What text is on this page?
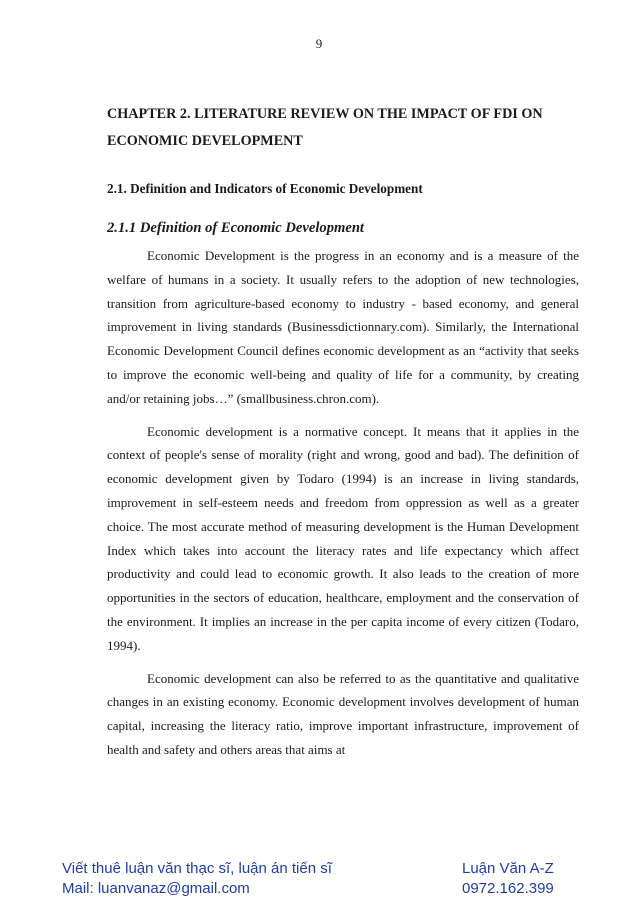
9
CHAPTER 2. LITERATURE REVIEW ON THE IMPACT OF FDI ON ECONOMIC DEVELOPMENT
2.1. Definition and Indicators of Economic Development
2.1.1 Definition of Economic Development

Economic Development is the progress in an economy and is a measure of the welfare of humans in a society. It usually refers to the adoption of new technologies, transition from agriculture-based economy to industry - based economy, and general improvement in living standards (Businessdictionnary.com). Similarly, the International Economic Development Council defines economic development as an “activity that seeks to improve the economic well-being and quality of life for a community, by creating and/or retaining jobs…” (smallbusiness.chron.com).

Economic development is a normative concept. It means that it applies in the context of people's sense of morality (right and wrong, good and bad). The definition of economic development given by Todaro (1994) is an increase in living standards, improvement in self-esteem needs and freedom from oppression as well as a greater choice. The most accurate method of measuring development is the Human Development Index which takes into account the literacy rates and life expectancy which affect productivity and could lead to economic growth. It also leads to the creation of more opportunities in the sectors of education, healthcare, employment and the conservation of the environment. It implies an increase in the per capita income of every citizen (Todaro, 1994).

Economic development can also be referred to as the quantitative and qualitative changes in an existing economy. Economic development involves development of human capital, increasing the literacy ratio, improve important infrastructure, improvement of health and safety and others areas that aims at

Viết thuê luận văn thạc sĩ, luận án tiến sĩ	Luận Văn A-Z
Mail: luanvanaz@gmail.com	0972.162.399
